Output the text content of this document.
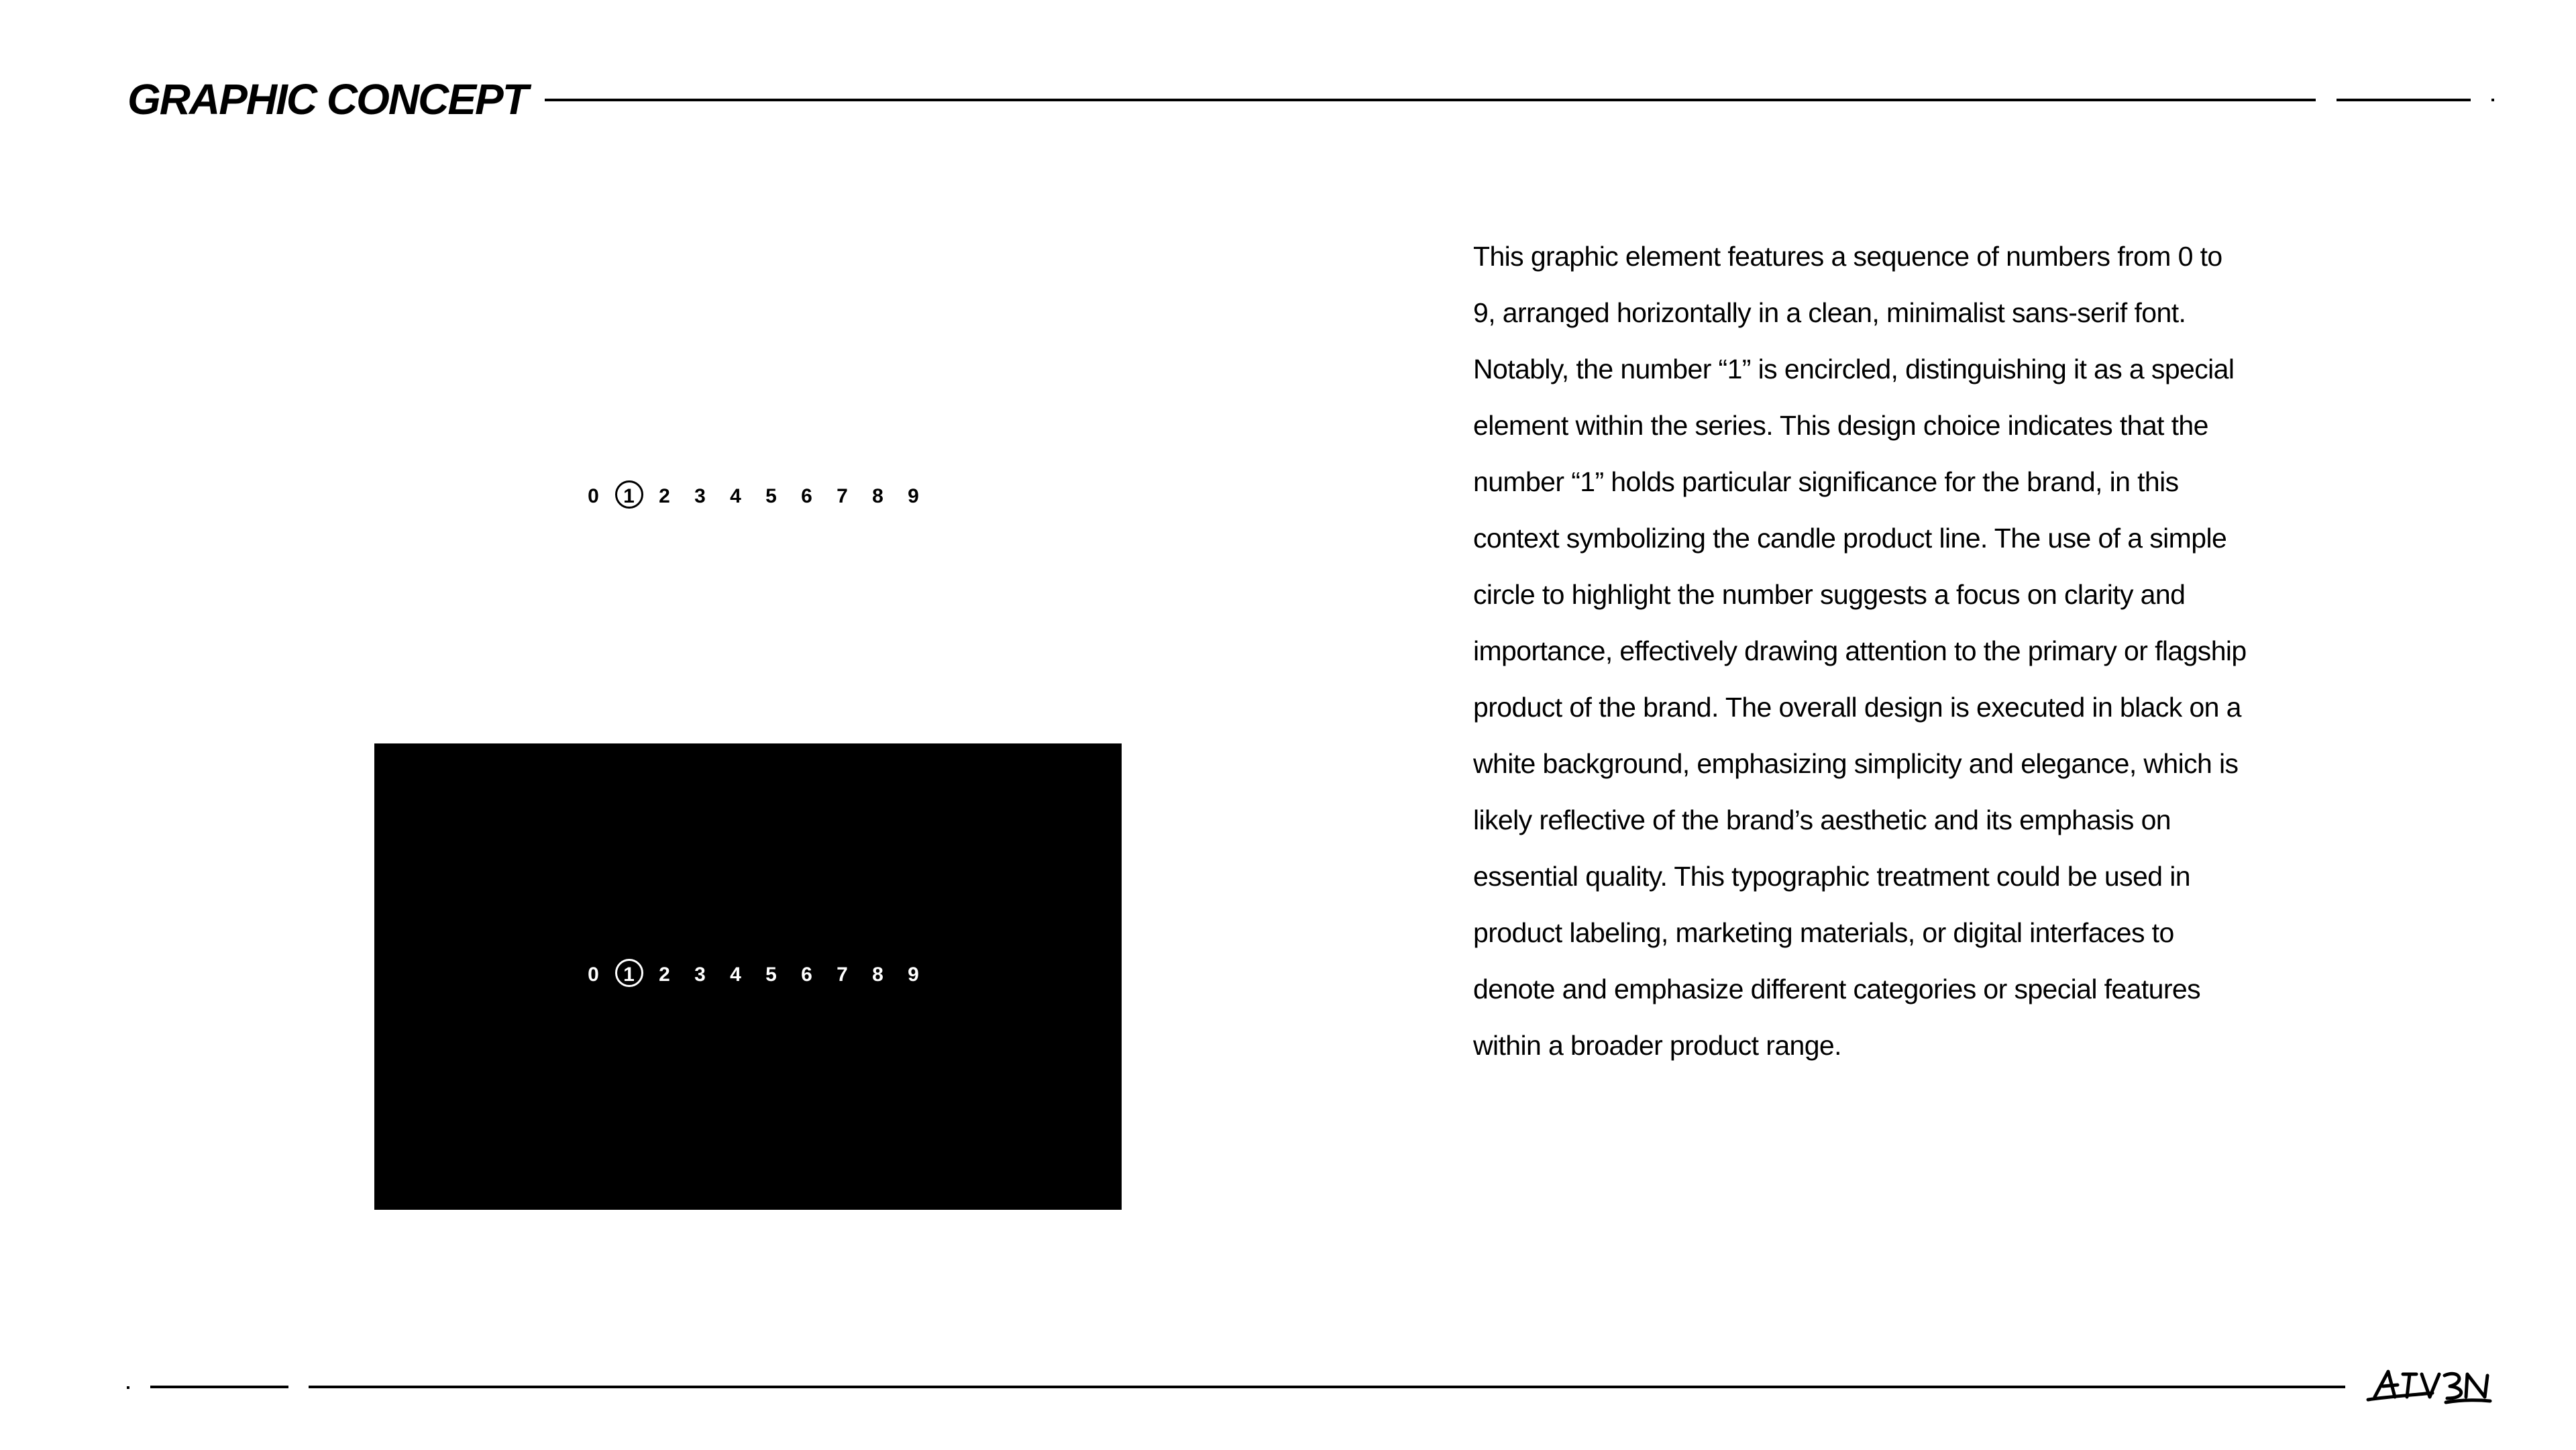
GRAPHIC CONCEPT
0	1	2	3	4	5	6	7	8	9
0	1	2	3	4	5	6	7	8	9

This graphic element features a sequence of numbers from 0 to 9, arranged horizontally in a clean, minimalist sans-serif font. Notably, the number “1” is encircled, distinguishing it as a special element within the series. This design choice indicates that the number “1” holds particular significance for the brand, in this context symbolizing the candle product line. The use of a simple circle to highlight the number suggests a focus on clarity and importance, effectively drawing attention to the primary or flagship product of the brand. The overall design is executed in black on a white background, emphasizing simplicity and elegance, which is likely reflective of the brand’s aesthetic and its emphasis on essential quality. This typographic treatment could be used in product labeling, marketing materials, or digital interfaces to denote and emphasize different categories or special features within a broader product range.
